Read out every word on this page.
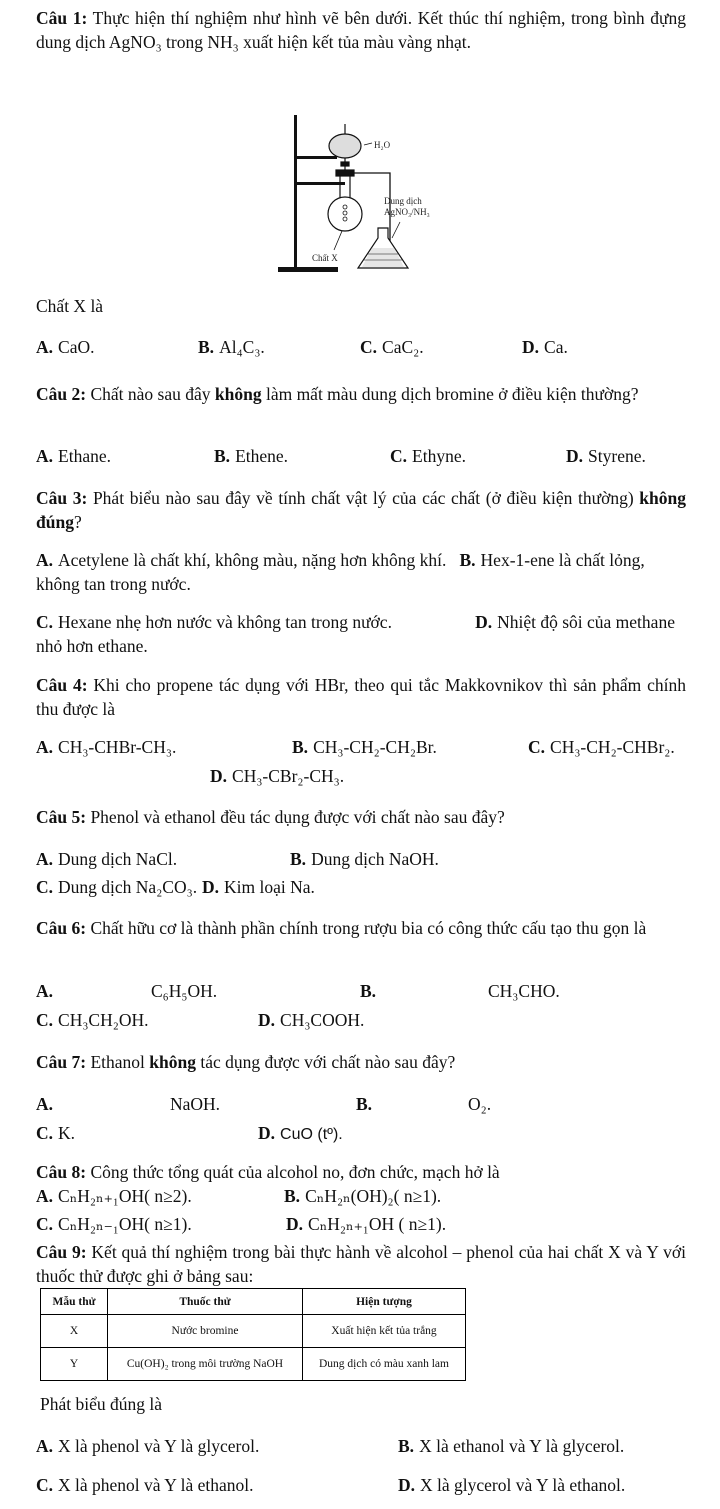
Câu 1: Thực hiện thí nghiệm như hình vẽ bên dưới. Kết thúc thí nghiệm, trong bình đựng dung dịch AgNO₃ trong NH₃ xuất hiện kết tủa màu vàng nhạt.

H₂O
Dung dịch
AgNO₃/NH₃
Chất X

Chất X là

A. CaO.	B. Al₄C₃.	C. CaC₂.	D. Ca.

Câu 2: Chất nào sau đây không làm mất màu dung dịch bromine ở điều kiện thường?

A. Ethane.	B. Ethene.	C. Ethyne.	D. Styrene.

Câu 3: Phát biểu nào sau đây về tính chất vật lý của các chất (ở điều kiện thường) không đúng?

A. Acetylene là chất khí, không màu, nặng hơn không khí. B. Hex-1-ene là chất lỏng, không tan trong nước.

C. Hexane nhẹ hơn nước và không tan trong nước.	D. Nhiệt độ sôi của methane nhỏ hơn ethane.

Câu 4: Khi cho propene tác dụng với HBr, theo qui tắc Makkovnikov thì sản phẩm chính thu được là

A. CH₃-CHBr-CH₃.	B. CH₃-CH₂-CH₂Br.	C. CH₃-CH₂-CHBr₂.
D. CH₃-CBr₂-CH₃.

Câu 5: Phenol và ethanol đều tác dụng được với chất nào sau đây?

A. Dung dịch NaCl.	B. Dung dịch NaOH.
C. Dung dịch Na₂CO₃. D. Kim loại Na.

Câu 6: Chất hữu cơ là thành phần chính trong rượu bia có công thức cấu tạo thu gọn là

A.	C₆H₅OH.	B.	CH₃CHO.
C. CH₃CH₂OH.	D. CH₃COOH.

Câu 7: Ethanol không tác dụng được với chất nào sau đây?

A.	NaOH.	B.	O₂.
C. K.	D. CuO (tº).

Câu 8: Công thức tổng quát của alcohol no, đơn chức, mạch hở là

A. CₙH₂ₙ₊₁OH( n≥2).	B. CₙH₂ₙ(OH)₂( n≥1).
C. CₙH₂ₙ₋₁OH( n≥1).	D. CₙH₂ₙ₊₁OH ( n≥1).

Câu 9: Kết quả thí nghiệm trong bài thực hành về alcohol – phenol của hai chất X và Y với thuốc thử được ghi ở bảng sau:

Mẫu thử	Thuốc thử	Hiện tượng
X	Nước bromine	Xuất hiện kết tủa trắng
Y	Cu(OH)₂ trong môi trường NaOH	Dung dịch có màu xanh lam

Phát biểu đúng là

A. X là phenol và Y là glycerol.	B. X là ethanol và Y là glycerol.
C. X là phenol và Y là ethanol.	D. X là glycerol và Y là ethanol.
